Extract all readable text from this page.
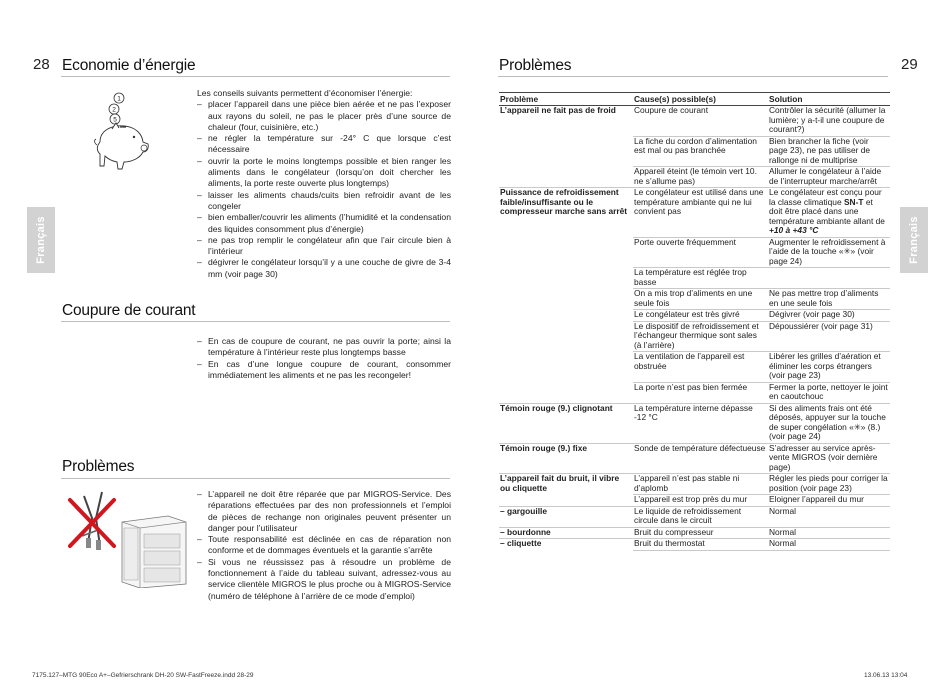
28 Economie d’énergie
Français
1
2
5
Les conseils suivants permettent d’économiser l’énergie:
– placer l’appareil dans une pièce bien aérée et ne pas l’exposer aux rayons du soleil, ne pas le placer près d’une source de chaleur (four, cuisinière, etc.)
– ne régler la température sur -24° C que lorsque c’est nécessaire
– ouvrir la porte le moins longtemps possible et bien ranger les aliments dans le congélateur (lorsqu’on doit chercher les aliments, la porte reste ouverte plus longtemps)
– laisser les aliments chauds/cuits bien refroidir avant de les congeler
– bien emballer/couvrir les aliments (l’humidité et la condensation des liquides consomment plus d’énergie)
– ne pas trop remplir le congélateur afin que l’air circule bien à l’intérieur
– dégivrer le congélateur lorsqu’il y a une couche de givre de 3-4 mm (voir page 30)
Coupure de courant
– En cas de coupure de courant, ne pas ouvrir la porte; ainsi la température à l’intérieur reste plus longtemps basse
– En cas d’une longue coupure de courant, consommer immédiatement les aliments et ne pas les recongeler!
Problèmes
– L’appareil ne doit être réparée que par MIGROS-Service. Des réparations effectuées par des non professionnels et l’emploi de pièces de rechange non originales peuvent présenter un danger pour l’utilisateur
– Toute responsabilité est déclinée en cas de réparation non conforme et de dommages éventuels et la garantie s’arrête
– Si vous ne réussissez pas à résoudre un problème de fonctionnement à l’aide du tableau suivant, adressez-vous au service clientèle MIGROS le plus proche ou à MIGROS-Service (numéro de téléphone à l’arrière de ce mode d’emploi)
7175.127–MTG 90Eco A+–Gefrierschrank DH-20 SW-FastFreeze.indd 28-29
Problèmes	29
Français
Problème	Cause(s) possible(s)	Solution
L’appareil ne fait pas de froid	Coupure de courant	Contrôler la sécurité (allumer la lumière; y a-t-il une coupure de courant?)
	La fiche du cordon d’alimentation est mal ou pas branchée	Bien brancher la fiche (voir page 23), ne pas utiliser de rallonge ni de multiprise
	Appareil éteint (le témoin vert 10. ne s’allume pas)	Allumer le congélateur à l’aide de l’interrupteur marche/arrêt
Puissance de refroidissement faible/insuffisante ou le compresseur marche sans arrêt	Le congélateur est utilisé dans une température ambiante qui ne lui convient pas	Le congélateur est conçu pour la classe climatique SN-T et doit être placé dans une température ambiante allant de +10 à +43 °C
	Porte ouverte fréquemment	Augmenter le refroidissement à l’aide de la touche «✳» (voir page 24)
	La température est réglée trop basse	
	On a mis trop d’aliments en une seule fois	Ne pas mettre trop d’aliments en une seule fois
	Le congélateur est très givré	Dégivrer (voir page 30)
	Le dispositif de refroidissement et l’échangeur thermique sont sales (à l’arrière)	Dépoussiérer (voir page 31)
	La ventilation de l’appareil est obstruée	Libérer les grilles d’aération et éliminer les corps étrangers (voir page 23)
	La porte n’est pas bien fermée	Fermer la porte, nettoyer le joint en caoutchouc
Témoin rouge (9.) clignotant	La température interne dépasse -12 °C	Si des aliments frais ont été déposés, appuyer sur la touche de super congélation «✳» (8.) (voir page 24)
Témoin rouge (9.) fixe	Sonde de température défectueuse	S’adresser au service après-vente MIGROS (voir dernière page)
L’appareil fait du bruit, il vibre ou cliquette	L’appareil n’est pas stable ni d’aplomb	Régler les pieds pour corriger la position (voir page 23)
	L’appareil est trop près du mur	Eloigner l’appareil du mur
– gargouille	Le liquide de refroidissement circule dans le circuit	Normal
– bourdonne	Bruit du compresseur	Normal
– cliquette	Bruit du thermostat	Normal
13.06.13 13:04
